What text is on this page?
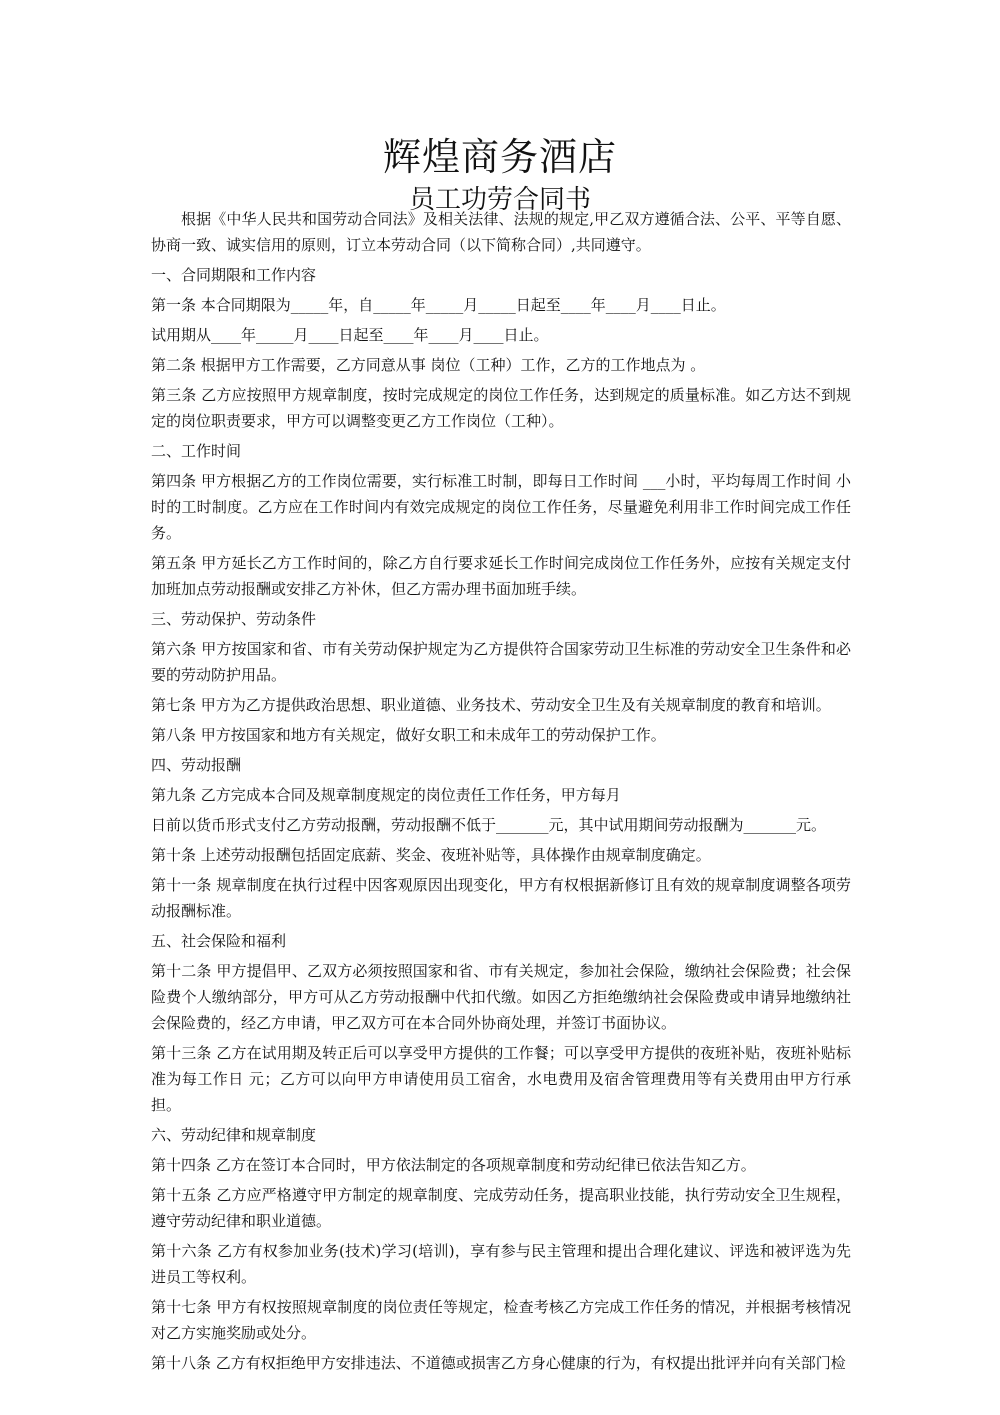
辉煌商务酒店
员工功劳合同书

根据《中华人民共和国劳动合同法》及相关法律、法规的规定,甲乙双方遵循合法、公平、平等自愿、协商一致、诚实信用的原则，订立本劳动合同（以下简称合同）,共同遵守。

一、合同期限和工作内容

第一条 本合同期限为_____年，自_____年_____月_____日起至____年____月____日止。

试用期从____年_____月____日起至____年____月____日止。

第二条 根据甲方工作需要，乙方同意从事 岗位（工种）工作，乙方的工作地点为 。

第三条 乙方应按照甲方规章制度，按时完成规定的岗位工作任务，达到规定的质量标准。如乙方达不到规定的岗位职责要求，甲方可以调整变更乙方工作岗位（工种）。

二、工作时间

第四条 甲方根据乙方的工作岗位需要，实行标准工时制，即每日工作时间 ___小时，平均每周工作时间 小时的工时制度。乙方应在工作时间内有效完成规定的岗位工作任务，尽量避免利用非工作时间完成工作任务。

第五条 甲方延长乙方工作时间的，除乙方自行要求延长工作时间完成岗位工作任务外，应按有关规定支付加班加点劳动报酬或安排乙方补休，但乙方需办理书面加班手续。

三、劳动保护、劳动条件

第六条 甲方按国家和省、市有关劳动保护规定为乙方提供符合国家劳动卫生标准的劳动安全卫生条件和必要的劳动防护用品。

第七条 甲方为乙方提供政治思想、职业道德、业务技术、劳动安全卫生及有关规章制度的教育和培训。

第八条 甲方按国家和地方有关规定，做好女职工和未成年工的劳动保护工作。

四、劳动报酬

第九条 乙方完成本合同及规章制度规定的岗位责任工作任务，甲方每月

日前以货币形式支付乙方劳动报酬，劳动报酬不低于_______元，其中试用期间劳动报酬为_______元。

第十条 上述劳动报酬包括固定底薪、奖金、夜班补贴等，具体操作由规章制度确定。

第十一条 规章制度在执行过程中因客观原因出现变化，甲方有权根据新修订且有效的规章制度调整各项劳动报酬标准。

五、社会保险和福利

第十二条 甲方提倡甲、乙双方必须按照国家和省、市有关规定，参加社会保险，缴纳社会保险费；社会保险费个人缴纳部分，甲方可从乙方劳动报酬中代扣代缴。如因乙方拒绝缴纳社会保险费或申请异地缴纳社会保险费的，经乙方申请，甲乙双方可在本合同外协商处理，并签订书面协议。

第十三条 乙方在试用期及转正后可以享受甲方提供的工作餐；可以享受甲方提供的夜班补贴，夜班补贴标准为每工作日 元；乙方可以向甲方申请使用员工宿舍，水电费用及宿舍管理费用等有关费用由甲方行承担。

六、劳动纪律和规章制度

第十四条 乙方在签订本合同时，甲方依法制定的各项规章制度和劳动纪律已依法告知乙方。

第十五条 乙方应严格遵守甲方制定的规章制度、完成劳动任务，提高职业技能，执行劳动安全卫生规程，遵守劳动纪律和职业道德。

第十六条 乙方有权参加业务(技术)学习(培训)，享有参与民主管理和提出合理化建议、评选和被评选为先进员工等权利。

第十七条 甲方有权按照规章制度的岗位责任等规定，检查考核乙方完成工作任务的情况，并根据考核情况对乙方实施奖励或处分。

第十八条 乙方有权拒绝甲方安排违法、不道德或损害乙方身心健康的行为，有权提出批评并向有关部门检
